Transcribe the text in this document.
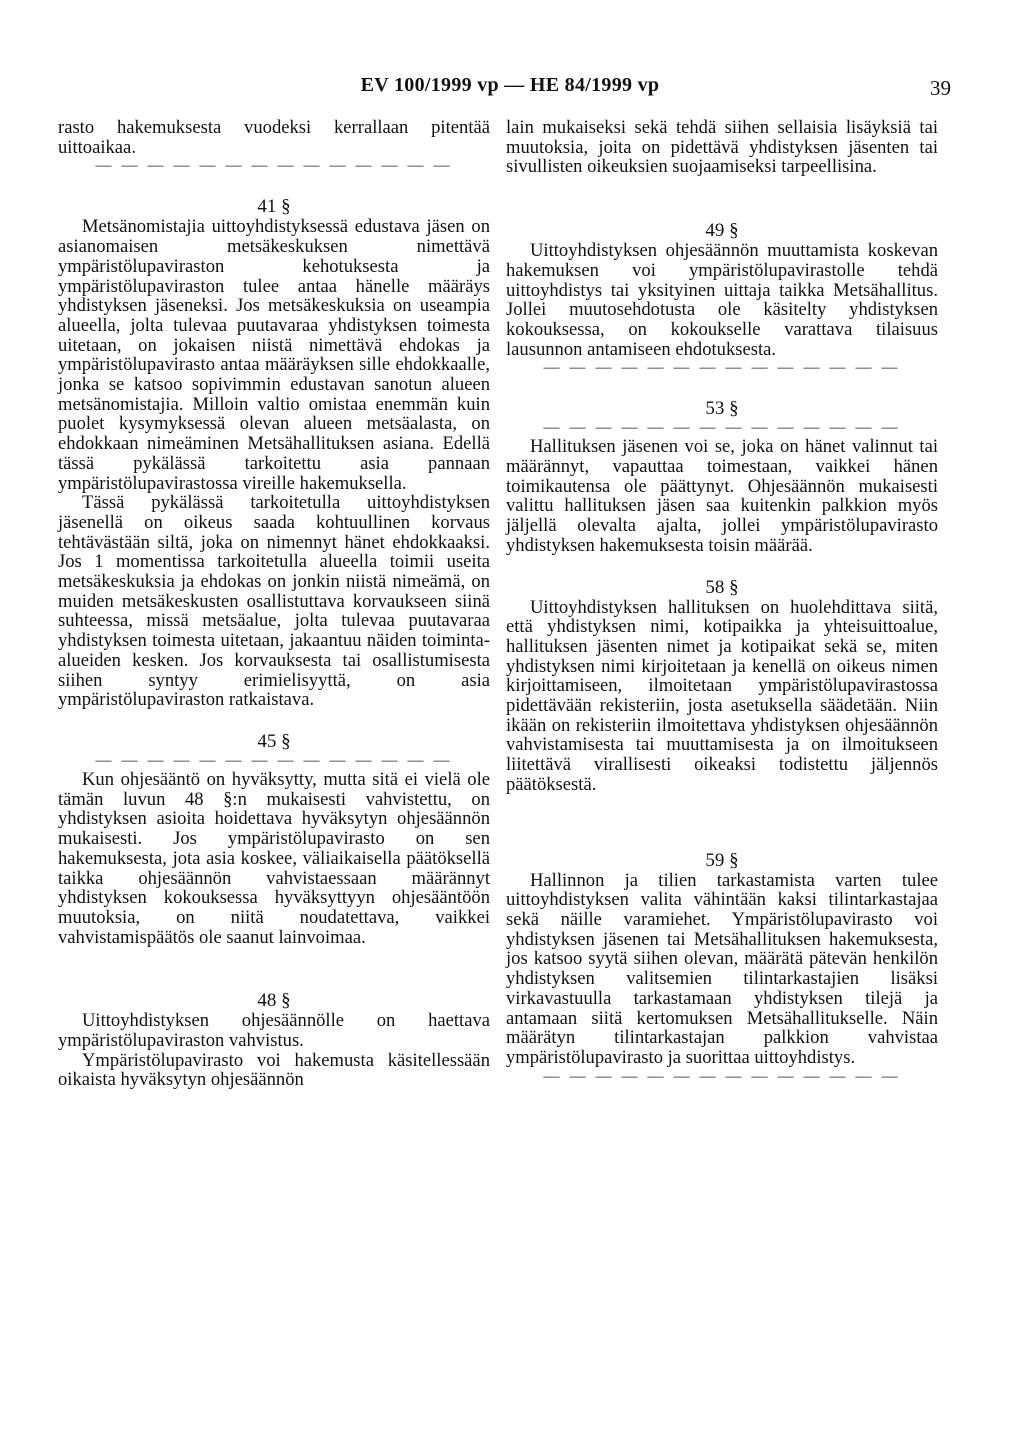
EV 100/1999 vp — HE 84/1999 vp	39

rasto hakemuksesta vuodeksi kerrallaan pitentää uittoaikaa.

— — — — — — — — — — — — — —
41 §

Metsänomistajia uittoyhdistyksessä edustava jäsen on asianomaisen metsäkeskuksen nimettävä ympäristölupaviraston kehotuksesta ja ympäristölupaviraston tulee antaa hänelle määräys yhdistyksen jäseneksi. Jos metsäkeskuksia on useampia alueella, jolta tulevaa puutavaraa yhdistyksen toimesta uitetaan, on jokaisen niistä nimettävä ehdokas ja ympäristölupavirasto antaa määräyksen sille ehdokkaalle, jonka se katsoo sopivimmin edustavan sanotun alueen metsänomistajia. Milloin valtio omistaa enemmän kuin puolet kysymyksessä olevan alueen metsäalasta, on ehdokkaan nimeäminen Metsähallituksen asiana. Edellä tässä pykälässä tarkoitettu asia pannaan ympäristölupavirastossa vireille hakemuksella.

Tässä pykälässä tarkoitetulla uittoyhdistyksen jäsenellä on oikeus saada kohtuullinen korvaus tehtävästään siltä, joka on nimennyt hänet ehdokkaaksi. Jos 1 momentissa tarkoitetulla alueella toimii useita metsäkeskuksia ja ehdokas on jonkin niistä nimeämä, on muiden metsäkeskusten osallistuttava korvaukseen siinä suhteessa, missä metsäalue, jolta tulevaa puutavaraa yhdistyksen toimesta uitetaan, jakaantuu näiden toiminta-alueiden kesken. Jos korvauksesta tai osallistumisesta siihen syntyy erimielisyyttä, on asia ympäristölupaviraston ratkaistava.

45 §
— — — — — — — — — — — — — —

Kun ohjesääntö on hyväksytty, mutta sitä ei vielä ole tämän luvun 48 §:n mukaisesti vahvistettu, on yhdistyksen asioita hoidettava hyväksytyn ohjesäännön mukaisesti. Jos ympäristölupavirasto on sen hakemuksesta, jota asia koskee, väliaikaisella päätöksellä taikka ohjesäännön vahvistaessaan määrännyt yhdistyksen kokouksessa hyväksyttyyn ohjesääntöön muutoksia, on niitä noudatettava, vaikkei vahvistamispäätös ole saanut lainvoimaa.

48 §

Uittoyhdistyksen ohjesäännölle on haettava ympäristölupaviraston vahvistus.

Ympäristölupavirasto voi hakemusta käsitellessään oikaista hyväksytyn ohjesäännön

lain mukaiseksi sekä tehdä siihen sellaisia lisäyksiä tai muutoksia, joita on pidettävä yhdistyksen jäsenten tai sivullisten oikeuksien suojaamiseksi tarpeellisina.

49 §

Uittoyhdistyksen ohjesäännön muuttamista koskevan hakemuksen voi ympäristölupavirastolle tehdä uittoyhdistys tai yksityinen uittaja taikka Metsähallitus. Jollei muutosehdotusta ole käsitelty yhdistyksen kokouksessa, on kokoukselle varattava tilaisuus lausunnon antamiseen ehdotuksesta.

— — — — — — — — — — — — — —
53 §
— — — — — — — — — — — — — —

Hallituksen jäsenen voi se, joka on hänet valinnut tai määrännyt, vapauttaa toimestaan, vaikkei hänen toimikautensa ole päättynyt. Ohjesäännön mukaisesti valittu hallituksen jäsen saa kuitenkin palkkion myös jäljellä olevalta ajalta, jollei ympäristölupavirasto yhdistyksen hakemuksesta toisin määrää.

58 §

Uittoyhdistyksen hallituksen on huolehdittava siitä, että yhdistyksen nimi, kotipaikka ja yhteisuittoalue, hallituksen jäsenten nimet ja kotipaikat sekä se, miten yhdistyksen nimi kirjoitetaan ja kenellä on oikeus nimen kirjoittamiseen, ilmoitetaan ympäristölupavirastossa pidettävään rekisteriin, josta asetuksella säädetään. Niin ikään on rekisteriin ilmoitettava yhdistyksen ohjesäännön vahvistamisesta tai muuttamisesta ja on ilmoitukseen liitettävä virallisesti oikeaksi todistettu jäljennös päätöksestä.

59 §

Hallinnon ja tilien tarkastamista varten tulee uittoyhdistyksen valita vähintään kaksi tilintarkastajaa sekä näille varamiehet. Ympäristölupavirasto voi yhdistyksen jäsenen tai Metsähallituksen hakemuksesta, jos katsoo syytä siihen olevan, määrätä pätevän henkilön yhdistyksen valitsemien tilintarkastajien lisäksi virkavastuulla tarkastamaan yhdistyksen tilejä ja antamaan siitä kertomuksen Metsähallitukselle. Näin määrätyn tilintarkastajan palkkion vahvistaa ympäristölupavirasto ja suorittaa uittoyhdistys.

— — — — — — — — — — — — — —
